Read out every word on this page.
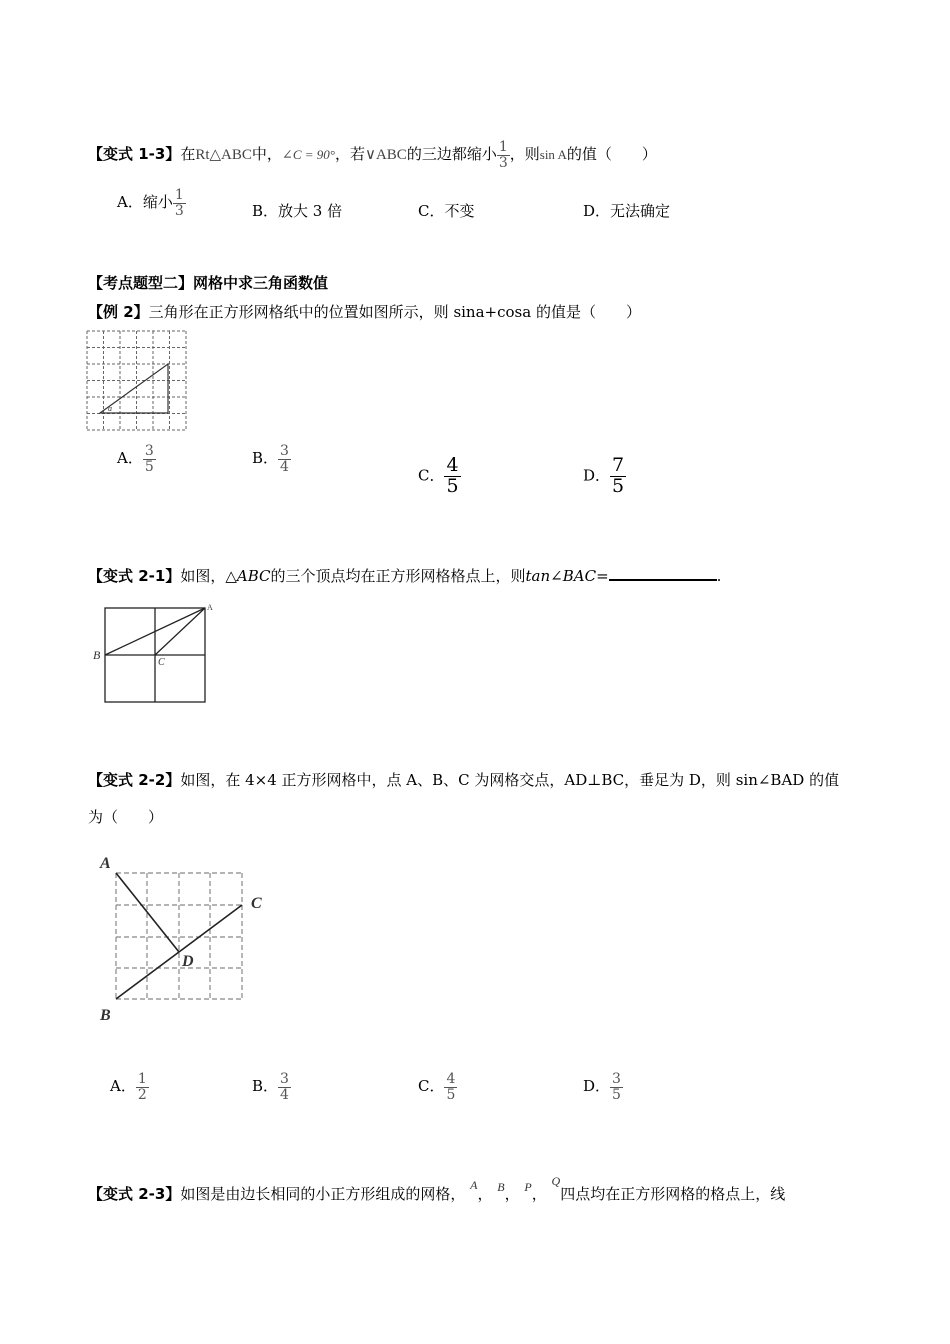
【变式 1-3】在Rt△ABC中，∠C = 90°，若∨ABC的三边都缩小 $\frac{1}{3}$ ，则sin A的值（　　）
A．缩小 $\frac{1}{3}$	B．放大 3 倍	C．不变	D．无法确定
【考点题型二】网格中求三角函数值
【例 2】三角形在正方形网格纸中的位置如图所示，则 sina+cosa 的值是（　　）
a
A． $\frac{3}{5}$	B． $\frac{3}{4}$
C． $\frac{4}{5}$	D． $\frac{7}{5}$
【变式 2-1】如图，△ABC的三个顶点均在正方形网格格点上，则tan∠BAC=	.
A
B
C
【变式 2-2】如图，在 4×4 正方形网格中，点 A、B、C 为网格交点，AD⊥BC，垂足为 D，则 sin∠BAD 的值
为（　　）
A
C
D
B
A． $\frac{1}{2}$	B． $\frac{3}{4}$	C． $\frac{4}{5}$	D． $\frac{3}{5}$
【变式 2-3】如图是由边长相同的小正方形组成的网格， $^A$， $^B$， $^P$， $^Q$四点均在正方形网格的格点上，线
